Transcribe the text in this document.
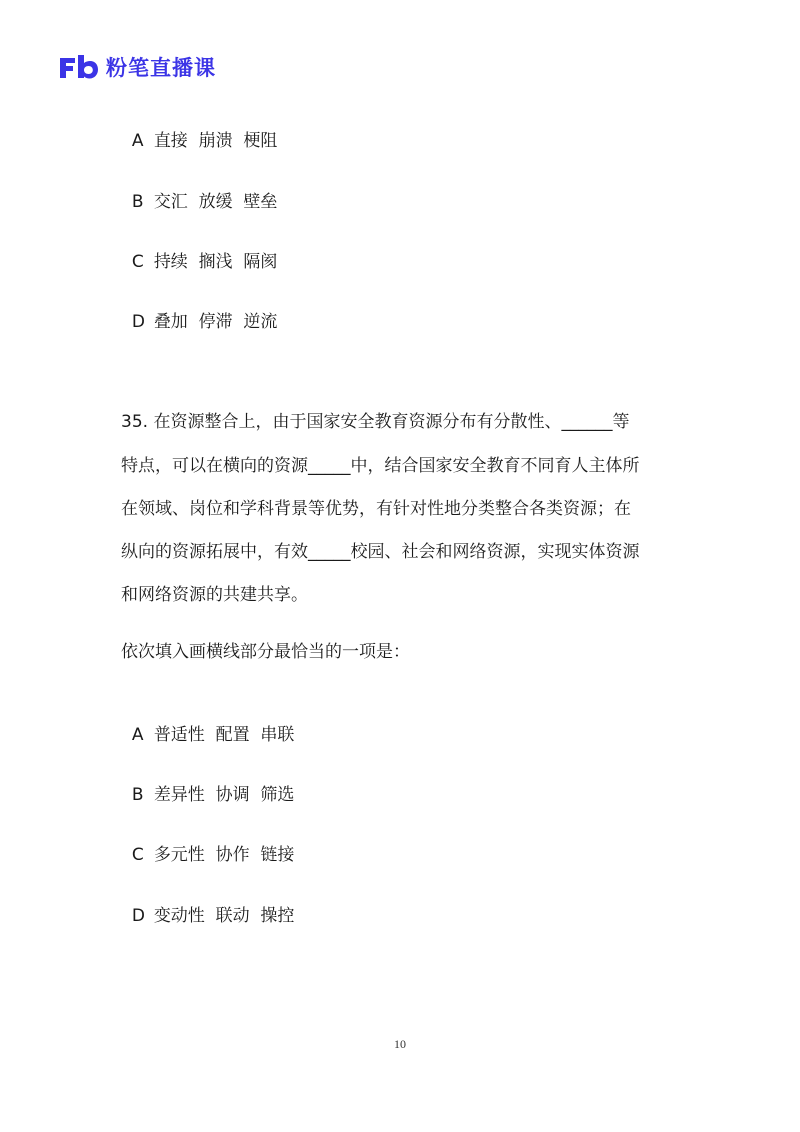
粉笔直播课

A 直接  崩溃  梗阻

B 交汇  放缓  壁垒

C 持续  搁浅  隔阂

D 叠加  停滞  逆流

35. 在资源整合上，由于国家安全教育资源分布有分散性、______等

特点，可以在横向的资源_____中，结合国家安全教育不同育人主体所

在领域、岗位和学科背景等优势，有针对性地分类整合各类资源；在

纵向的资源拓展中，有效_____校园、社会和网络资源，实现实体资源

和网络资源的共建共享。

依次填入画横线部分最恰当的一项是：

A 普适性  配置  串联

B 差异性  协调  筛选

C 多元性  协作  链接

D 变动性  联动  操控

10
